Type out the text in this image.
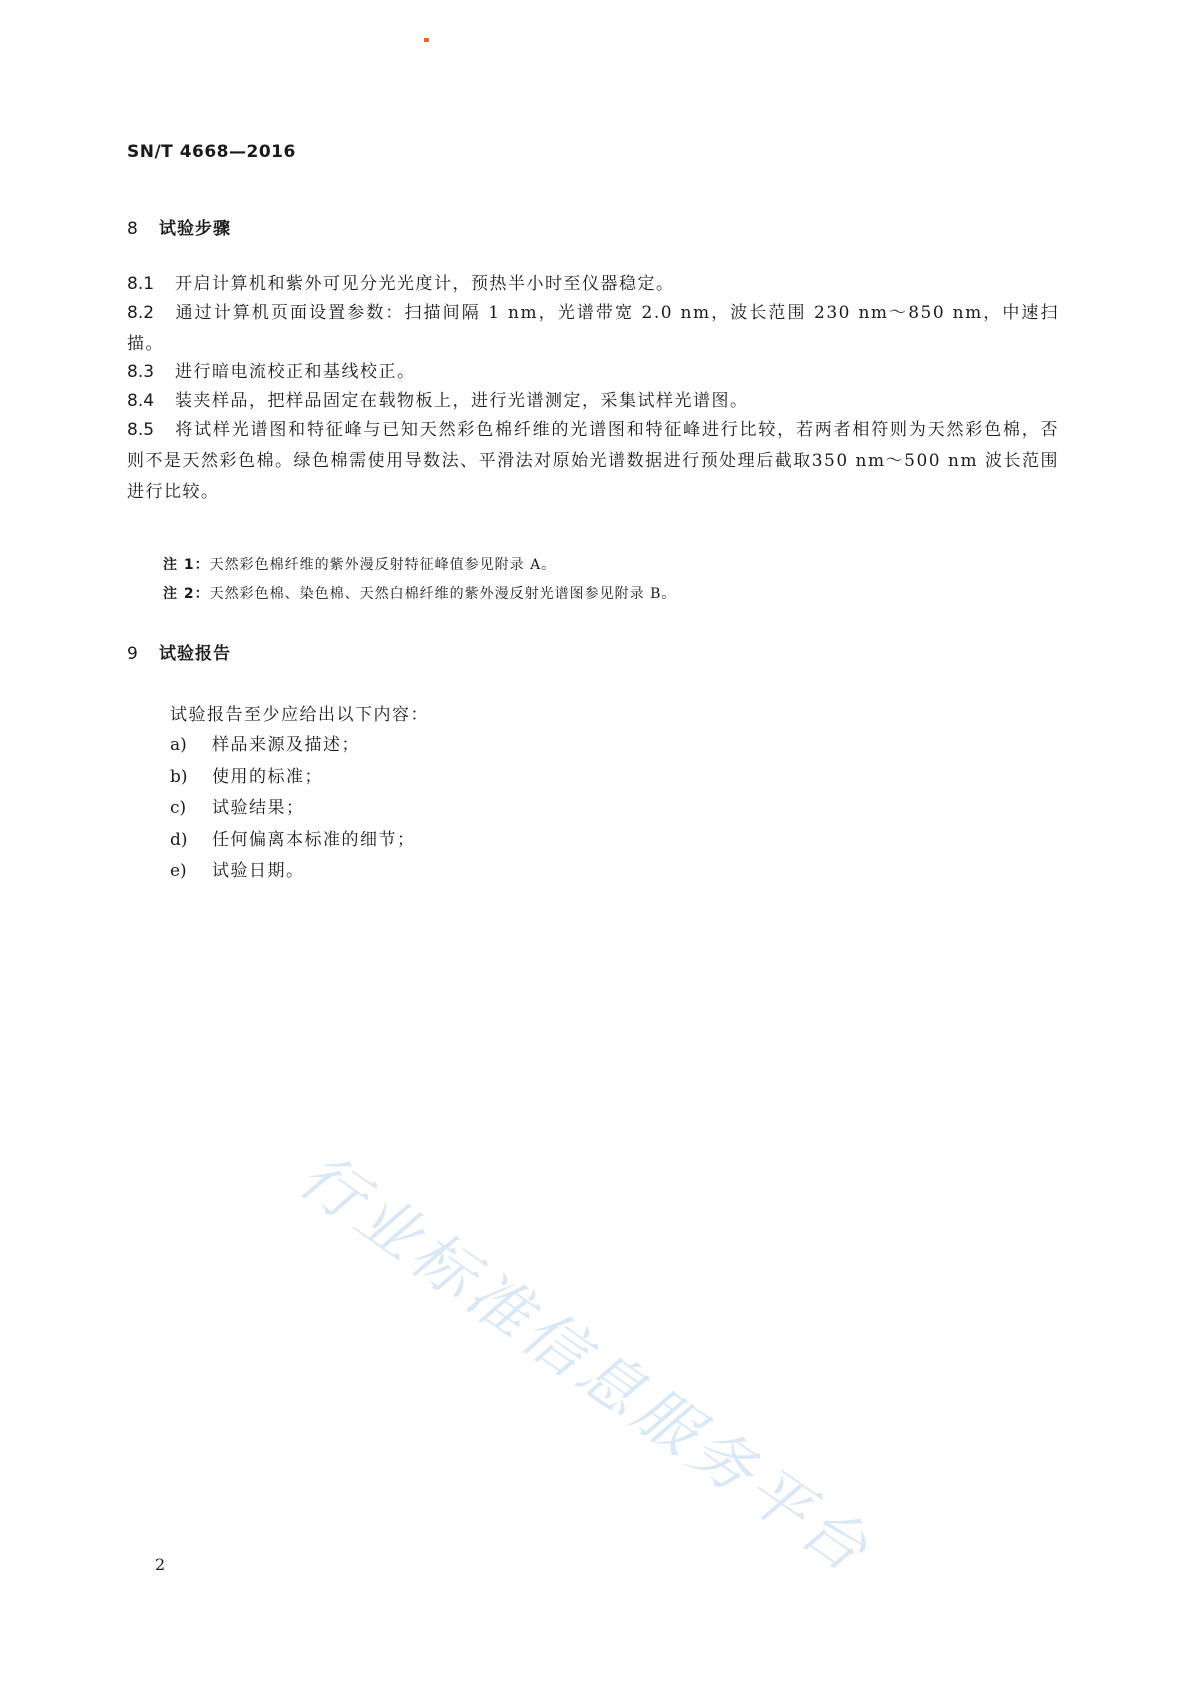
SN/T 4668—2016
8 试验步骤
8.1 开启计算机和紫外可见分光光度计，预热半小时至仪器稳定。
8.2 通过计算机页面设置参数：扫描间隔 1 nm，光谱带宽 2.0 nm，波长范围 230 nm～850 nm，中速扫描。
8.3 进行暗电流校正和基线校正。
8.4 装夹样品，把样品固定在载物板上，进行光谱测定，采集试样光谱图。
8.5 将试样光谱图和特征峰与已知天然彩色棉纤维的光谱图和特征峰进行比较，若两者相符则为天然彩色棉，否则不是天然彩色棉。绿色棉需使用导数法、平滑法对原始光谱数据进行预处理后截取350 nm～500 nm 波长范围进行比较。
注 1：天然彩色棉纤维的紫外漫反射特征峰值参见附录 A。
注 2：天然彩色棉、染色棉、天然白棉纤维的紫外漫反射光谱图参见附录 B。
9 试验报告
试验报告至少应给出以下内容：
a) 样品来源及描述；
b) 使用的标准；
c) 试验结果；
d) 任何偏离本标准的细节；
e) 试验日期。
行业标准信息服务平台
2
